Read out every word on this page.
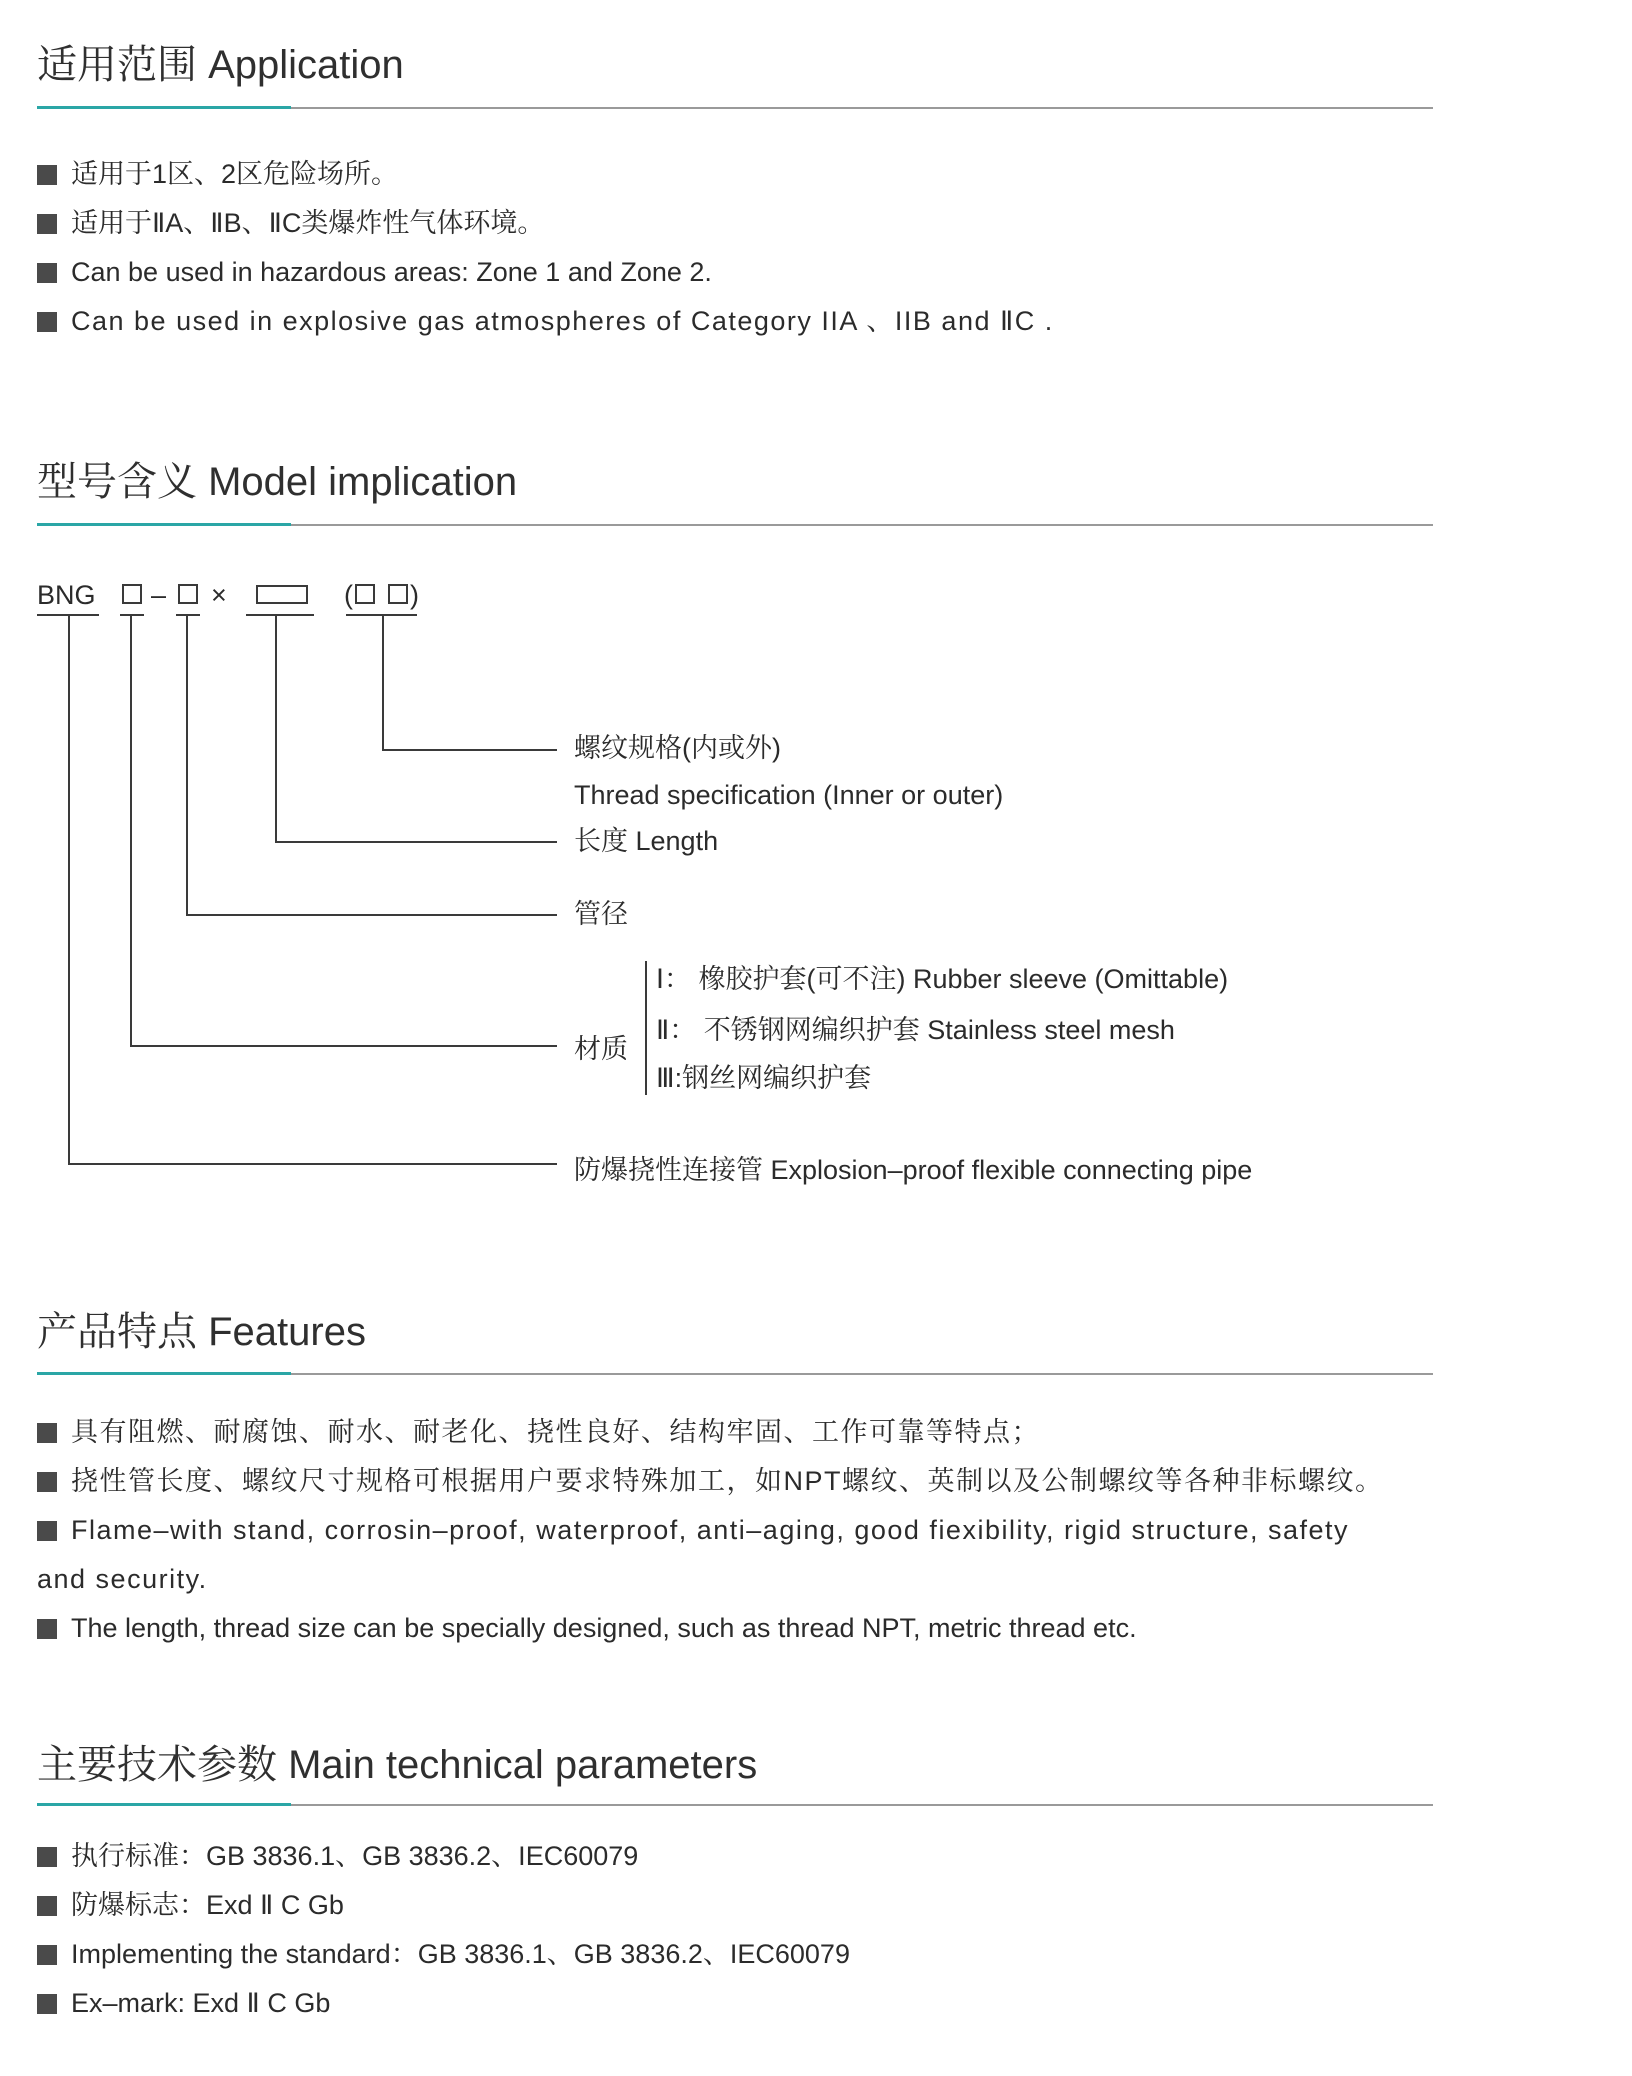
适用范围 Application
适用于1区、2区危险场所。
适用于ⅡA、ⅡB、ⅡC类爆炸性气体环境。
Can be used in hazardous areas: Zone 1 and Zone 2.
Can be used in explosive gas atmospheres of Category IIA 、IIB and ⅡC .
型号含义 Model implication
BNG – ×	( )
螺纹规格(内或外)
Thread specification (Inner or outer)
长度 Length
管径
材质
Ⅰ： 橡胶护套(可不注) Rubber sleeve (Omittable)
Ⅱ： 不锈钢网编织护套 Stainless steel mesh
Ⅲ:钢丝网编织护套
防爆挠性连接管 Explosion–proof flexible connecting pipe
产品特点 Features
具有阻燃、耐腐蚀、耐水、耐老化、挠性良好、结构牢固、工作可靠等特点；
挠性管长度、螺纹尺寸规格可根据用户要求特殊加工，如NPT螺纹、英制以及公制螺纹等各种非标螺纹。
Flame–with stand, corrosin–proof, waterproof, anti–aging, good fiexibility, rigid structure, safety
and security.
The length, thread size can be specially designed, such as thread NPT, metric thread etc.
主要技术参数 Main technical parameters
执行标准：GB 3836.1、GB 3836.2、IEC60079
防爆标志：Exd Ⅱ C Gb
Implementing the standard：GB 3836.1、GB 3836.2、IEC60079
Ex–mark: Exd Ⅱ C Gb
